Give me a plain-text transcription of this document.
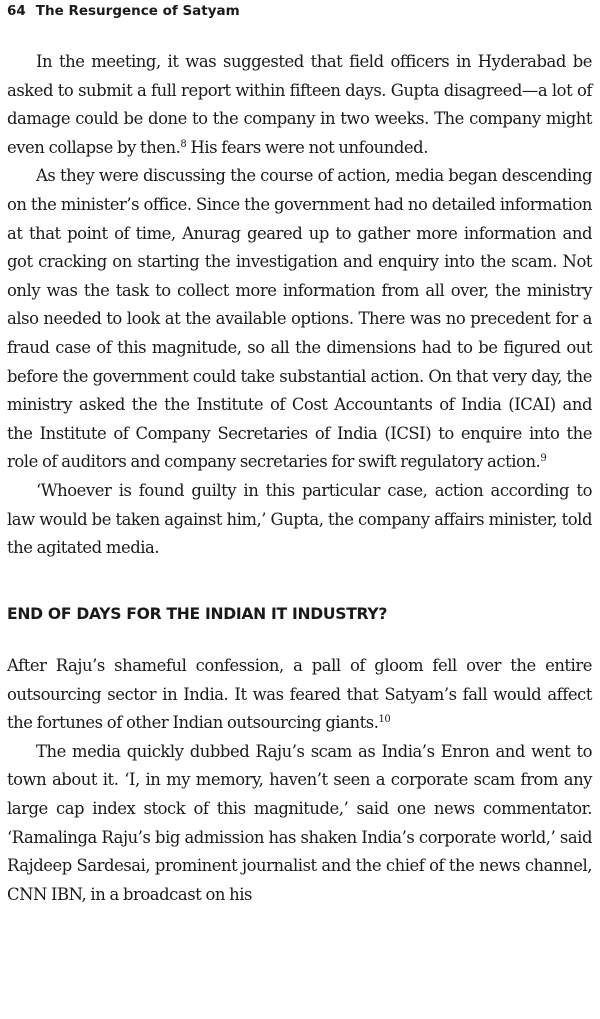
64 The Resurgence of Satyam

In the meeting, it was suggested that field officers in Hyderabad be asked to submit a full report within fifteen days. Gupta disagreed—a lot of damage could be done to the company in two weeks. The company might even collapse by then.$^8$ His fears were not unfounded.

As they were discussing the course of action, media began descending on the minister’s office. Since the government had no detailed information at that point of time, Anurag geared up to gather more information and got cracking on starting the investigation and enquiry into the scam. Not only was the task to collect more information from all over, the ministry also needed to look at the available options. There was no precedent for a fraud case of this magnitude, so all the dimensions had to be figured out before the government could take substantial action. On that very day, the ministry asked the the Institute of Cost Accountants of India (ICAI) and the Institute of Company Secretaries of India (ICSI) to enquire into the role of auditors and company secretaries for swift regulatory action.$^9$

‘Whoever is found guilty in this particular case, action according to law would be taken against him,’ Gupta, the company affairs minister, told the agitated media.

END OF DAYS FOR THE INDIAN IT INDUSTRY?

After Raju’s shameful confession, a pall of gloom fell over the entire outsourcing sector in India. It was feared that Satyam’s fall would affect the fortunes of other Indian outsourcing giants.$^{10}$

The media quickly dubbed Raju’s scam as India’s Enron and went to town about it. ‘I, in my memory, haven’t seen a corporate scam from any large cap index stock of this magnitude,’ said one news commentator. ‘Ramalinga Raju’s big admission has shaken India’s corporate world,’ said Rajdeep Sardesai, prominent journalist and the chief of the news channel, CNN IBN, in a broadcast on his
